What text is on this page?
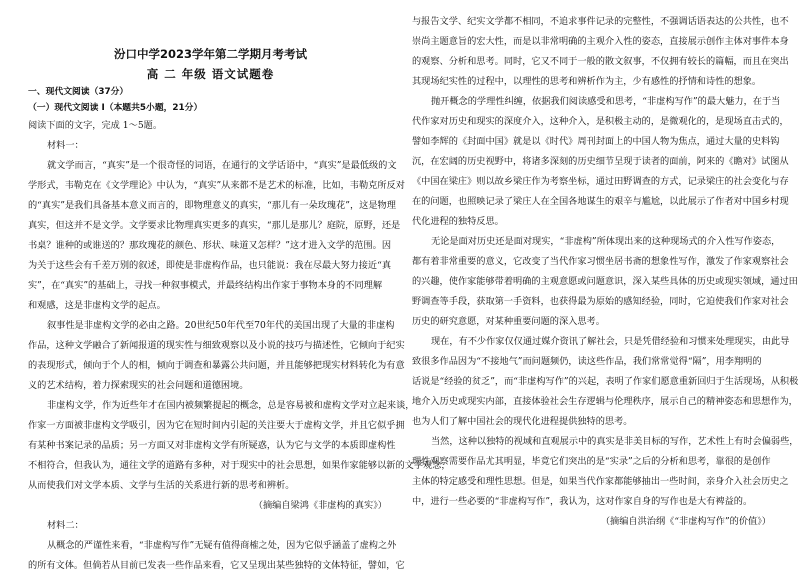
汾口中学2023学年第二学期月考考试
高 二 年级 语文试题卷
一、现代文阅读（37分）
（一）现代文阅读 I（本题共5小题，21分）
阅读下面的文字，完成 1～5题。
材料一：
就文学而言，“真实”是一个很奇怪的词语，在通行的文学话语中，“真实”是最低级的文
学形式，韦勒克在《文学理论》中认为，“真实”从来都不是艺术的标准，比如，韦勒克所反对
的“真实”是我们具备基本意义而言的，即物理意义的真实，“那儿有一朵玫瑰花”，这是物理
真实，但这并不是文学。文学要求比物理真实更多的真实，“那儿是那儿？庭院，原野，还是
书桌？谁种的或谁送的？那玫瑰花的颜色、形状、味道又怎样？”这才进入文学的范围。因
为关于这些会有千差万别的叙述，即使是非虚构作品，也只能说：我在尽最大努力接近“真
实”，在“真实”的基础上，寻找一种叙事模式，并最终结构出作家于事物本身的不同理解
和观感，这是非虚构文学的起点。
叙事性是非虚构文学的必由之路。20世纪50年代至70年代的美国出现了大量的非虚构
作品，这种文学融合了新闻报道的现实性与细致观察以及小说的技巧与描述性，它倾向于纪实
的表现形式，倾向于个人的相，倾向于调查和暴露公共问题，并且能够把现实材料转化为有意
义的艺术结构，着力探索现实的社会问题和道德困境。
非虚构文学，作为近些年才在国内被频繁提起的概念，总是容易被和虚构文学对立起来谈，
作家一方面被非虚构文学吸引，因为它在短时间内引起的关注要大于虚构文学，并且它似乎拥
有某种书案记录的品质；另一方面又对非虚构文学有所疑惑，认为它与文学的本质即虚构性
不相符合，但我认为，通往文学的道路有多种，对于现实中的社会思想，如果作家能够以新的文学观念，
从而使我们对文学本质、文学与生活的关系进行新的思考和辨析。
（摘编自梁鸿《非虚构的真实》）
材料二：
从概念的严谨性来看，“非虚构写作”无疑有值得商榷之处，因为它似乎涵盖了虚构之外
的所有文体。但倘若从目前已发表一些作品来看，它又呈现出某些独特的文体特征，譬如，它
与报告文学、纪实文学都不相同，不追求事件记录的完整性，不强调话语表达的公共性，也不
崇尚主题意旨的宏大性，而是以非常明确的主观介入性的姿态，直接展示创作主体对事件本身
的观察、分析和思考。同时，它又不同于一般的散文叙事，不仅拥有较长的篇幅，而且在突出
其现场纪实性的过程中，以理性的思考和辨析作为主，少有感性的抒情和诗性的想象。
抛开概念的学理性纠缠，依据我们阅读感受和思考，“非虚构写作”的最大魅力，在于当
代作家对历史和现实的深度介入，这种介入，是积极主动的，是微观化的，是现场直击式的，
譬如李辉的《封面中国》就是以《时代》周刊封面上的中国人物为焦点，通过大量的史料钩
沉，在宏阔的历史视野中，将诸多深刻的历史细节呈现于读者的面前，阿来的《瞻对》试图从
《中国在梁庄》则以故乡梁庄作为考察坐标，通过田野调查的方式，记录梁庄的社会变化与存
在的问题，也照映记录了梁庄人在全国各地谋生的艰辛与尴尬，以此展示了作者对中国乡村现
代化进程的独特反思。
无论是面对历史还是面对现实，“非虚构”所体现出来的这种现场式的介入性写作姿态，
都有着非常重要的意义，它改变了当代作家习惯坐居书斋的想象性写作，激发了作家观察社会
的兴趣，使作家能够带着明确的主观意愿或问题意识，深入某些具体的历史或现实领域，通过田
野调查等手段，获取第一手资料，也获得最为原始的感知经验，同时，它迫使我们作家对社会
历史的研究意愿，对某种重要问题的深入思考。
现在，有不少作家仅仅通过媒介资讯了解社会，只是凭借经验和习惯来处理现实，由此导
致很多作品因为“不接地气”而问题频仍，读这些作品，我们常常觉得“隔”，用李翔明的
话说是“经验的贫乏”，而“非虚构写作”的兴起，表明了作家们愿意重新回归于生活现场，从积极
地介入历史或现实内部，直接体验社会生存逻辑与伦理秩序，展示自己的精神姿态和思想作为，
也为人们了解中国社会的现代化进程提供独特的思考。
当然，这种以独特的视域和直观展示中的真实是非美目标的写作，艺术性上有时会偏弱些，
理性观察需要作品尤其明显，毕竟它们突出的是“实录”之后的分析和思考，靠很的是创作
主体的特定感受和理性思想。但是，如果当代作家都能够抽出一些时间，亲身介入社会历史之
中，进行一些必要的“非虚构写作”，我认为，这对作家自身的写作也是大有裨益的。
（摘编自洪治纲《“非虚构写作”的价值》）
